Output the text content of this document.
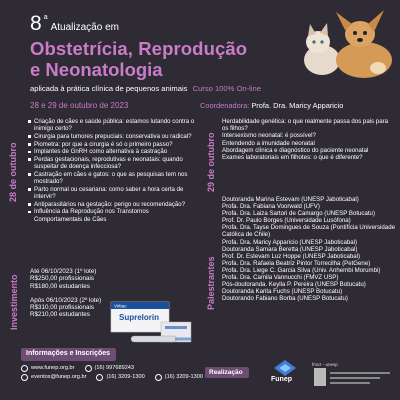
8 a
Atualização em
Obstetrícia, Reprodução
e Neonatologia
aplicada à prática clínica de pequenos animais Curso 100% On-line
28 e 29 de outubro de 2023	Coordenadora: Profa. Dra. Maricy Apparicio
28 de outubro	29 de outubro
Palestrantes
Investimento
Criação de cães e saúde pública: estamos lutando contra o inimigo certo?
Cirurgia para tumores prepuciais: conservativa ou radical?
Piometra: por que a cirurgia é só o primeiro passo?
Implantes de GnRH como alternativa à castração
Perdas gestacionais, reprodutivas e neonatais: quando suspeitar de doença infecciosa?
Castração em cães e gatos: o que as pesquisas tem nos mostrado?
Parto normal ou cesariana: como saber a hora certa de intervir?
Antiparasitários na gestação: perigo ou recomendação?
Influência da Reprodução nos Transtornos Comportamentais de Cães
Herdabilidade genética: o que realmente passa dos pais para os filhos?
Intersexismo neonatal: é possível?
Entendendo a imunidade neonatal
Abordagem clínica e diagnóstico do paciente neonatal
Exames laboratoriais em filhotes: o que é diferente?
Doutoranda Marina Estevam (UNESP Jaboticabal)
Profa. Dra. Fabiana Voorwald (UFV)
Profa. Dra. Laiza Sartori de Camargo (UNESP Botucatu)
Prof. Dr. Paulo Borges (Universidade Lusófona)
Profa. Dra. Tayse Domingues de Souza (Pontifícia Universidade Católica de Chile)
Profa. Dra. Maricy Apparicio (UNESP Jaboticabal)
Doutoranda Samara Beretta (UNESP Jaboticabal)
Prof. Dr. Estevam Luz Hoppe (UNESP Jaboticabal)
Profa. Dra. Rafaela Beatriz Pintor Torrecilha (PetGene)
Profa. Dra. Liege C. Garcia Silva (Univ. Anhembi Morumbi)
Profa. Dra. Camila Vannucchi (FMVZ USP)
Pós-doutoranda. Keylla P. Pereira (UNESP Botucatu)
Doutoranda Karita Fuchs (UNESP Botucatu)
Doutorando Fabiano Borba (UNESP Botucatu)
Até 06/10/2023 (1º lote)
R$250,00 profissionais
R$180,00 estudantes
Após 06/10/2023 (2º lote)
R$310,00 profissionais
R$210,00 estudantes
Virbac
Suprelorin
Informações e Inscrições
www.funep.org.br	(16) 997689243
eventos@funep.org.br	(16) 3209-1300	(16) 3209-1300
Realização
Funep
fmvz - unesp
